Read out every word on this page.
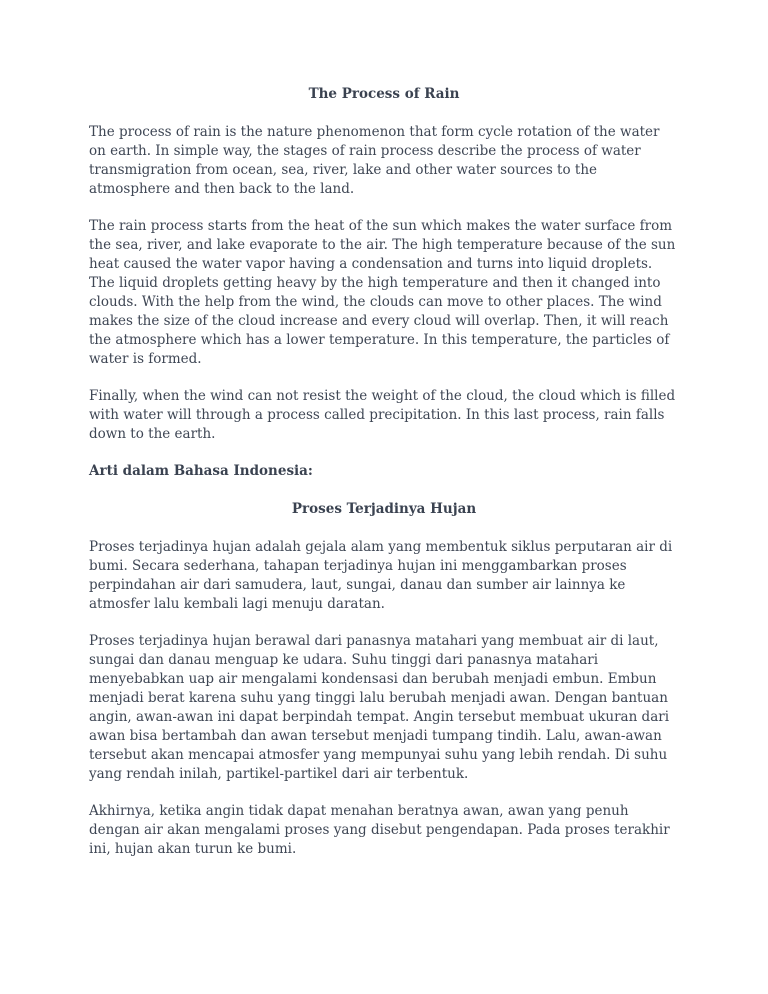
The Process of Rain

The process of rain is the nature phenomenon that form cycle rotation of the water on earth. In simple way, the stages of rain process describe the process of water transmigration from ocean, sea, river, lake and other water sources to the atmosphere and then back to the land.

The rain process starts from the heat of the sun which makes the water surface from the sea, river, and lake evaporate to the air. The high temperature because of the sun heat caused the water vapor having a condensation and turns into liquid droplets. The liquid droplets getting heavy by the high temperature and then it changed into clouds. With the help from the wind, the clouds can move to other places. The wind makes the size of the cloud increase and every cloud will overlap. Then, it will reach the atmosphere which has a lower temperature. In this temperature, the particles of water is formed.

Finally, when the wind can not resist the weight of the cloud, the cloud which is filled with water will through a process called precipitation. In this last process, rain falls down to the earth.

Arti dalam Bahasa Indonesia:
Proses Terjadinya Hujan

Proses terjadinya hujan adalah gejala alam yang membentuk siklus perputaran air di bumi. Secara sederhana, tahapan terjadinya hujan ini menggambarkan proses perpindahan air dari samudera, laut, sungai, danau dan sumber air lainnya ke atmosfer lalu kembali lagi menuju daratan.

Proses terjadinya hujan berawal dari panasnya matahari yang membuat air di laut, sungai dan danau menguap ke udara. Suhu tinggi dari panasnya matahari menyebabkan uap air mengalami kondensasi dan berubah menjadi embun. Embun menjadi berat karena suhu yang tinggi lalu berubah menjadi awan. Dengan bantuan angin, awan-awan ini dapat berpindah tempat. Angin tersebut membuat ukuran dari awan bisa bertambah dan awan tersebut menjadi tumpang tindih. Lalu, awan-awan tersebut akan mencapai atmosfer yang mempunyai suhu yang lebih rendah. Di suhu yang rendah inilah, partikel-partikel dari air terbentuk.

Akhirnya, ketika angin tidak dapat menahan beratnya awan, awan yang penuh dengan air akan mengalami proses yang disebut pengendapan. Pada proses terakhir ini, hujan akan turun ke bumi.
